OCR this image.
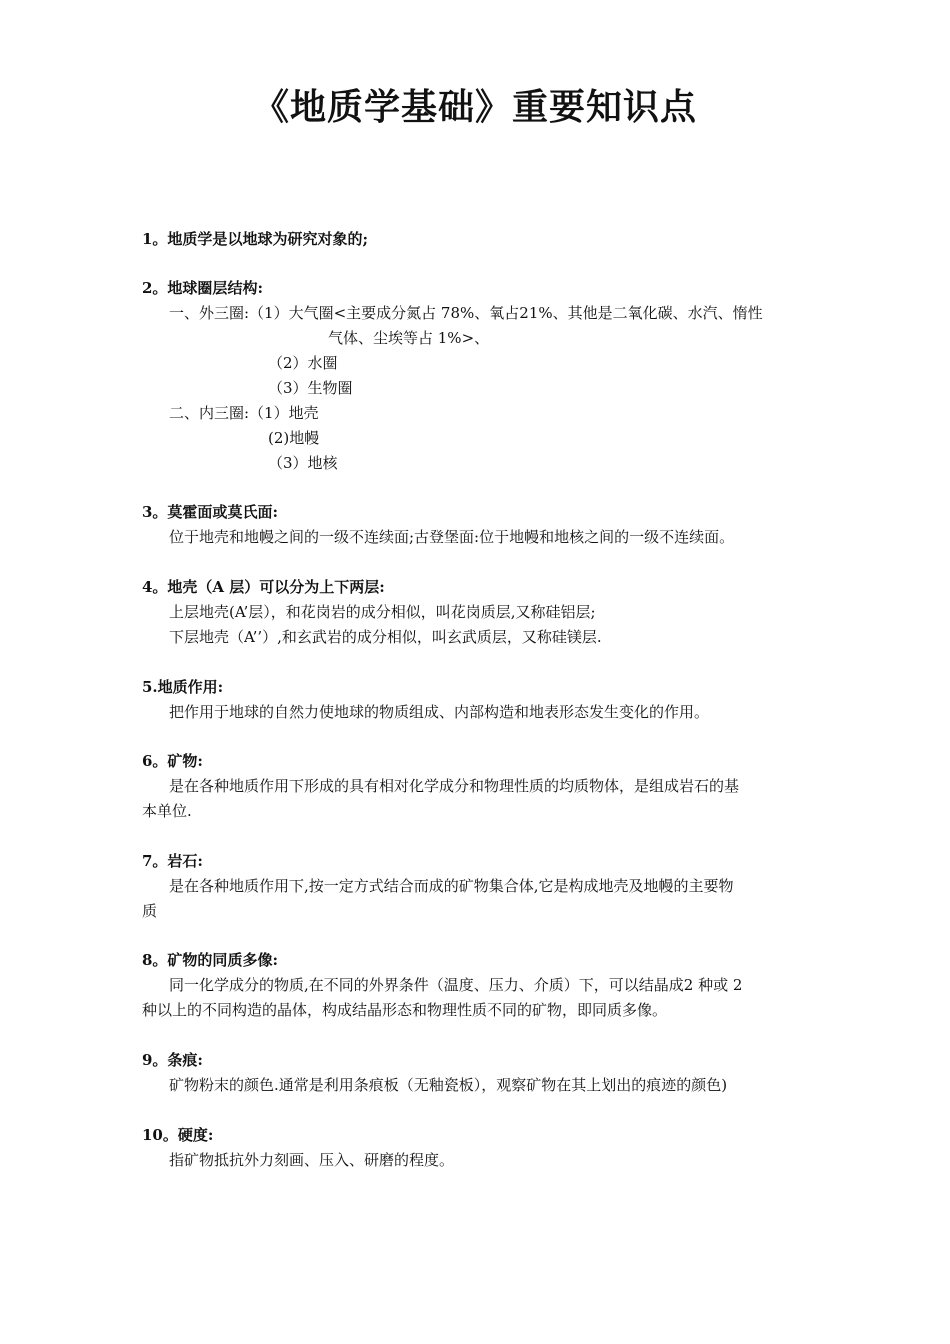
《地质学基础》重要知识点
1。地质学是以地球为研究对象的;
2。地球圈层结构:
一、外三圈:（1）大气圈<主要成分氮占 78%、氧占21%、其他是二氧化碳、水汽、惰性
气体、尘埃等占 1%>、
（2）水圈
（3）生物圈
二、内三圈:（1）地壳
(2)地幔
（3）地核
3。莫霍面或莫氏面:
位于地壳和地幔之间的一级不连续面;古登堡面:位于地幔和地核之间的一级不连续面。
4。地壳（A 层）可以分为上下两层:
上层地壳(A’层），和花岗岩的成分相似，叫花岗质层,又称硅铝层;
下层地壳（A’’）,和玄武岩的成分相似，叫玄武质层，又称硅镁层.
5.地质作用:
把作用于地球的自然力使地球的物质组成、内部构造和地表形态发生变化的作用。
6。矿物:
是在各种地质作用下形成的具有相对化学成分和物理性质的均质物体，是组成岩石的基
本单位.
7。岩石:
是在各种地质作用下,按一定方式结合而成的矿物集合体,它是构成地壳及地幔的主要物
质
8。矿物的同质多像:
同一化学成分的物质,在不同的外界条件（温度、压力、介质）下，可以结晶成2 种或 2
种以上的不同构造的晶体，构成结晶形态和物理性质不同的矿物，即同质多像。
9。条痕:
矿物粉末的颜色.通常是利用条痕板（无釉瓷板），观察矿物在其上划出的痕迹的颜色)
10。硬度:
指矿物抵抗外力刻画、压入、研磨的程度。
